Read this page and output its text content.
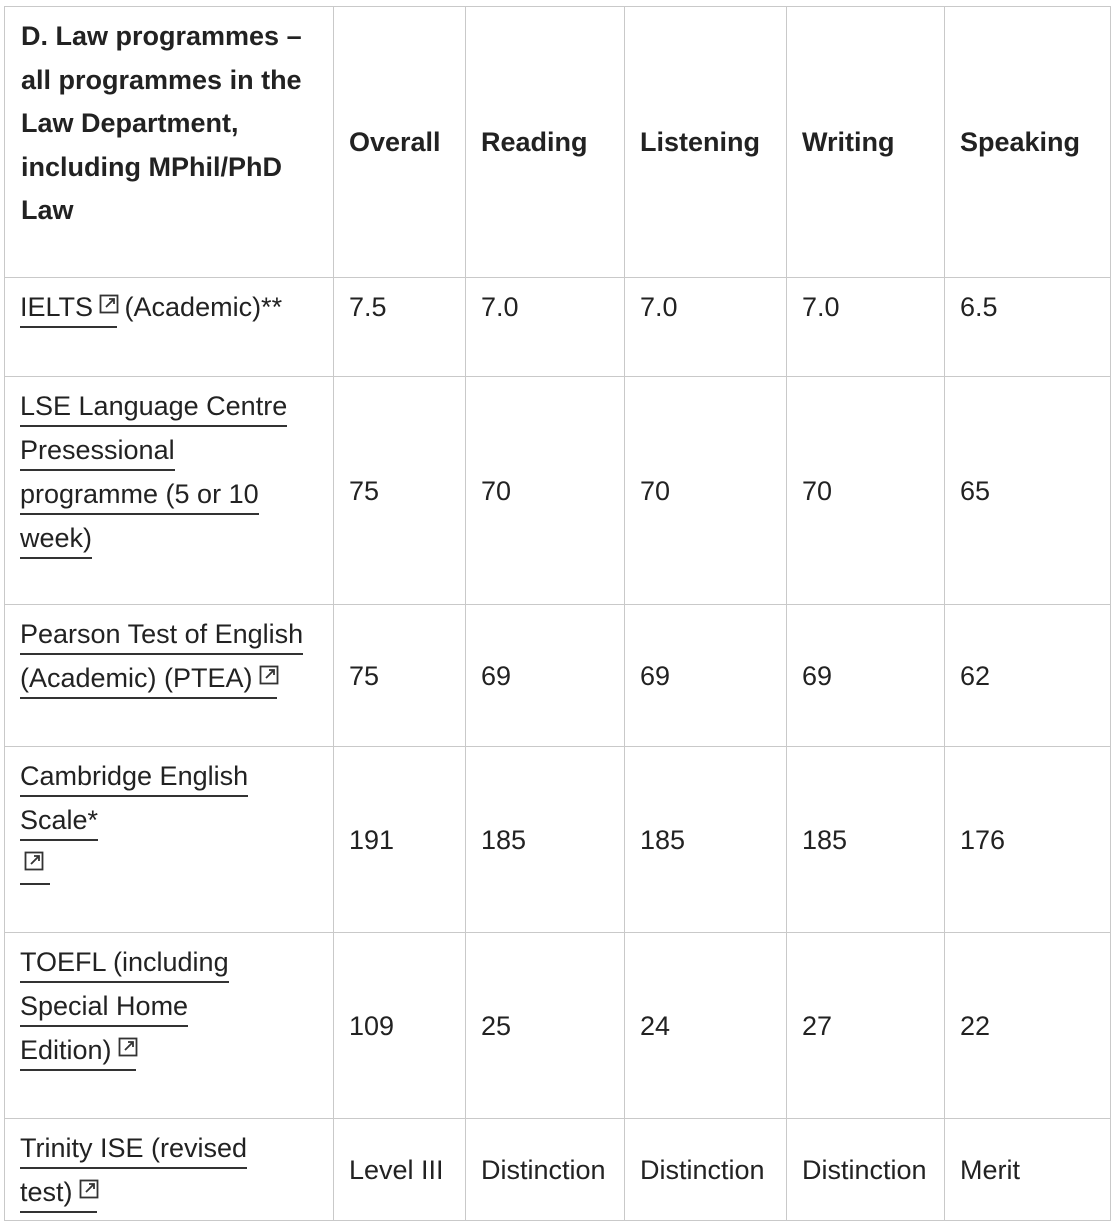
D. Law programmes – all programmes in the Law Department, including MPhil/PhD Law	Overall	Reading	Listening	Writing	Speaking
IELTS
(Academic)**	7.5	7.0	7.0	7.0	6.5
LSE Language Centre
Presessional
programme (5 or 10
week)	75	70	70	70	65
Pearson Test of English
(Academic) (PTEA)	75	69	69	69	62
Cambridge English
Scale*	191	185	185	185	176
TOEFL (including
Special Home
Edition)	109	25	24	27	22
Trinity ISE (revised
test)	Level III	Distinction	Distinction	Distinction	Merit
